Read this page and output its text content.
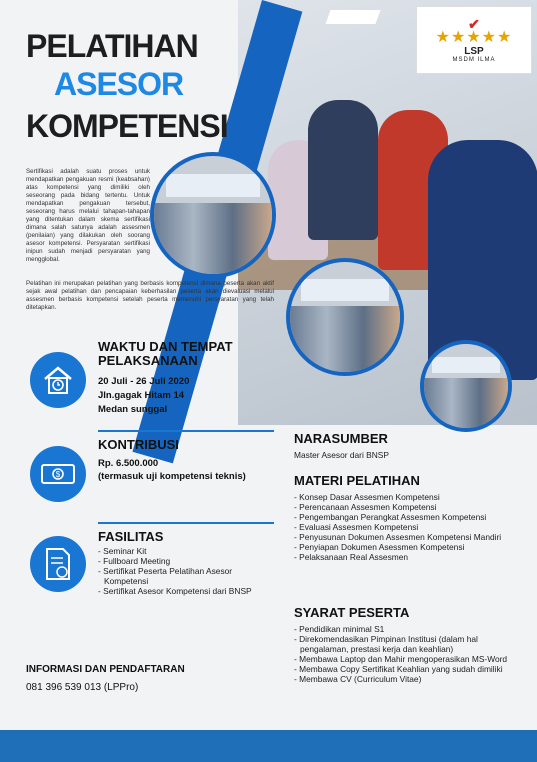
✔
★★★★★
LSP
MSDM ILMA
PELATIHAN
ASESOR
KOMPETENSI

Sertifikasi adalah suatu proses untuk mendapatkan pengakuan resmi (keabsahan) atas kompetensi yang dimiliki oleh seseorang pada bidang tertentu. Untuk mendapatkan pengakuan tersebut, seseorang harus melalui tahapan-tahapan yang ditentukan dalam skema sertifikasi dimana salah satunya adalah assesmen (penilaian) yang dilakukan oleh soorang asesor kompetensi. Persyaratan sertifikasi inipun sudah menjadi persyaratan yang mengglobal.

Pelatihan ini merupakan pelatihan yang berbasis kompetensi dimana peserta akan aktif sejak awal pelatihan dan pencapaian keberhasilan peserta akan dievaluasi melalui assesmen berbasis kompetensi setelah peserta memenuhi persyaratan yang telah ditetapkan.

WAKTU DAN TEMPAT
PELAKSANAAN
20 Juli - 26 Juli 2020
Jln.gagak Hitam 14
Medan sunggal
$
KONTRIBUSI
Rp. 6.500.000
(termasuk uji kompetensi teknis)
FASILITAS
- Seminar Kit
- Fullboard Meeting
- Sertifikat Peserta Pelatihan Asesor Kompetensi
- Sertifikat Asesor Kompetensi dari BNSP
NARASUMBER
Master Asesor dari BNSP
MATERI PELATIHAN
- Konsep Dasar Assesmen Kompetensi
- Perencanaan Assesmen Kompetensi
- Pengembangan Perangkat Assesmen Kompetensi
- Evaluasi Assesmen Kompetensi
- Penyusunan Dokumen Assesmen Kompetensi Mandiri
- Penyiapan Dokumen Asessmen Kompetensi
- Pelaksanaan Real Assesmen
SYARAT PESERTA
- Pendidikan minimal S1
- Direkomendasikan Pimpinan Institusi (dalam hal pengalaman, prestasi kerja dan keahlian)
- Membawa Laptop dan Mahir mengoperasikan MS-Word
- Membawa Copy Sertifikat Keahlian yang sudah dimiliki
- Membawa CV (Curriculum Vitae)
INFORMASI DAN PENDAFTARAN
081 396 539 013 (LPPro)
